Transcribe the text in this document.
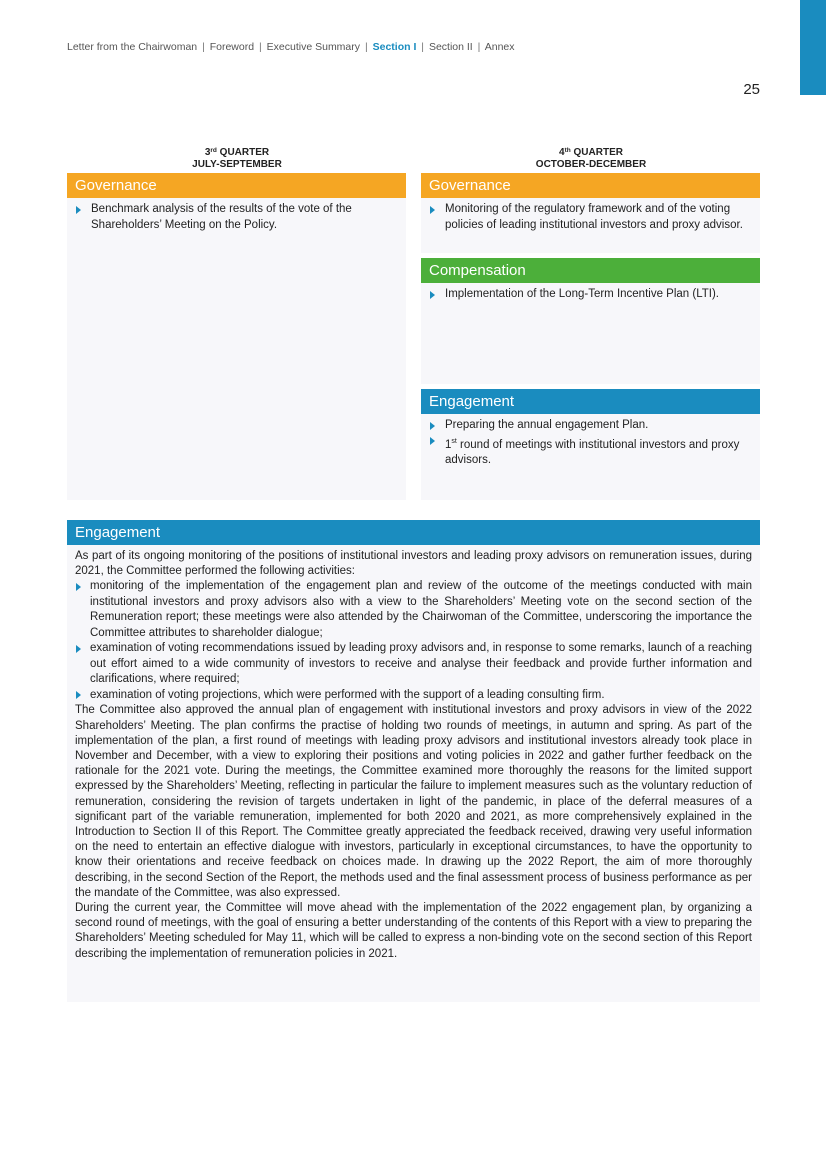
Letter from the Chairwoman | Foreword | Executive Summary | Section I | Section II | Annex
25
3rd QUARTER
JULY-SEPTEMBER
4th QUARTER
OCTOBER-DECEMBER
Governance
Benchmark analysis of the results of the vote of the Shareholders’ Meeting on the Policy.
Governance
Monitoring of the regulatory framework and of the voting policies of leading institutional investors and proxy advisor.
Compensation
Implementation of the Long-Term Incentive Plan (LTI).
Engagement
Preparing the annual engagement Plan.
1st round of meetings with institutional investors and proxy advisors.
Engagement

As part of its ongoing monitoring of the positions of institutional investors and leading proxy advisors on remuneration issues, during 2021, the Committee performed the following activities:

monitoring of the implementation of the engagement plan and review of the outcome of the meetings conducted with main institutional investors and proxy advisors also with a view to the Shareholders’ Meeting vote on the second section of the Remuneration report; these meetings were also attended by the Chairwoman of the Committee, underscoring the importance the Committee attributes to shareholder dialogue;
examination of voting recommendations issued by leading proxy advisors and, in response to some remarks, launch of a reaching out effort aimed to a wide community of investors to receive and analyse their feedback and provide further information and clarifications, where required;
examination of voting projections, which were performed with the support of a leading consulting firm.

The Committee also approved the annual plan of engagement with institutional investors and proxy advisors in view of the 2022 Shareholders’ Meeting. The plan confirms the practise of holding two rounds of meetings, in autumn and spring. As part of the implementation of the plan, a first round of meetings with leading proxy advisors and institutional investors already took place in November and December, with a view to exploring their positions and voting policies in 2022 and gather further feedback on the rationale for the 2021 vote. During the meetings, the Committee examined more thoroughly the reasons for the limited support expressed by the Shareholders’ Meeting, reflecting in particular the failure to implement measures such as the voluntary reduction of remuneration, considering the revision of targets undertaken in light of the pandemic, in place of the deferral measures of a significant part of the variable remuneration, implemented for both 2020 and 2021, as more comprehensively explained in the Introduction to Section II of this Report. The Committee greatly appreciated the feedback received, drawing very useful information on the need to entertain an effective dialogue with investors, particularly in exceptional circumstances, to have the opportunity to know their orientations and receive feedback on choices made. In drawing up the 2022 Report, the aim of more thoroughly describing, in the second Section of the Report, the methods used and the final assessment process of business performance as per the mandate of the Committee, was also expressed.

During the current year, the Committee will move ahead with the implementation of the 2022 engagement plan, by organizing a second round of meetings, with the goal of ensuring a better understanding of the contents of this Report with a view to preparing the Shareholders’ Meeting scheduled for May 11, which will be called to express a non-binding vote on the second section of this Report describing the implementation of remuneration policies in 2021.
